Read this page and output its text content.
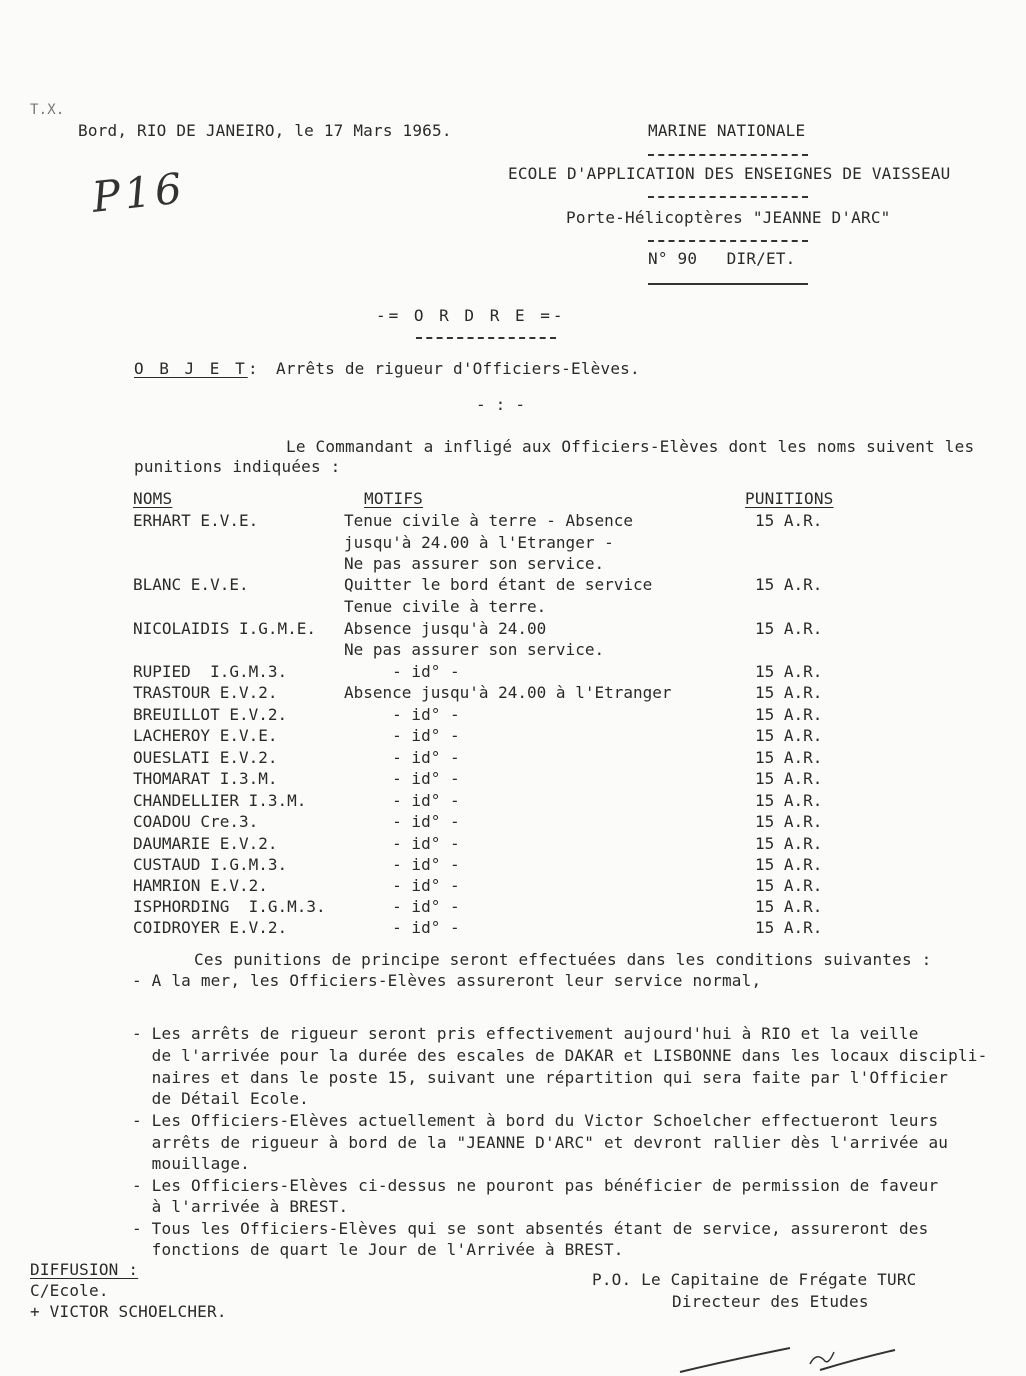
T.X.
Bord, RIO DE JANEIRO, le 17 Mars 1965.
P16
MARINE NATIONALE
ECOLE D'APPLICATION DES ENSEIGNES DE VAISSEAU
Porte-Hélicoptères "JEANNE D'ARC"
N° 90   DIR/ET.
-= O R D R E =-
O B J E T : Arrêts de rigueur d'Officiers-Elèves.
- : -
Le Commandant a infligé aux Officiers-Elèves dont les noms suivent les
punitions indiquées :
NOMS	MOTIFS	PUNITIONS
ERHART E.V.E.	Tenue civile à terre - Absence	15 A.R.
jusqu'à 24.00 à l'Etranger -
Ne pas assurer son service.
BLANC E.V.E.	Quitter le bord étant de service	15 A.R.
Tenue civile à terre.
NICOLAIDIS I.G.M.E. Absence jusqu'à 24.00	15 A.R.
Ne pas assurer son service.
RUPIED  I.G.M.3.	- id° -	15 A.R.
TRASTOUR E.V.2.	Absence jusqu'à 24.00 à l'Etranger	15 A.R.
BREUILLOT E.V.2.	- id° -	15 A.R.
LACHEROY E.V.E.	- id° -	15 A.R.
OUESLATI E.V.2.	- id° -	15 A.R.
THOMARAT I.3.M.	- id° -	15 A.R.
CHANDELLIER I.3.M. - id° -	15 A.R.
COADOU Cre.3.	- id° -	15 A.R.
DAUMARIE E.V.2.	- id° -	15 A.R.
CUSTAUD I.G.M.3.	- id° -	15 A.R.
HAMRION E.V.2.	- id° -	15 A.R.
ISPHORDING  I.G.M.3. - id° -	15 A.R.
COIDROYER E.V.2.	- id° -	15 A.R.
Ces punitions de principe seront effectuées dans les conditions suivantes :
- A la mer, les Officiers-Elèves assureront leur service normal,
- Les arrêts de rigueur seront pris effectivement aujourd'hui à RIO et la veille
de l'arrivée pour la durée des escales de DAKAR et LISBONNE dans les locaux discipli-
naires et dans le poste 15, suivant une répartition qui sera faite par l'Officier
de Détail Ecole.
- Les Officiers-Elèves actuellement à bord du Victor Schoelcher effectueront leurs
arrêts de rigueur à bord de la "JEANNE D'ARC" et devront rallier dès l'arrivée au
mouillage.
- Les Officiers-Elèves ci-dessus ne pouront pas bénéficier de permission de faveur
à l'arrivée à BREST.
- Tous les Officiers-Elèves qui se sont absentés étant de service, assureront des
fonctions de quart le Jour de l'Arrivée à BREST.
DIFFUSION :
C/Ecole.
+ VICTOR SCHOELCHER.
P.O. Le Capitaine de Frégate TURC
Directeur des Etudes
